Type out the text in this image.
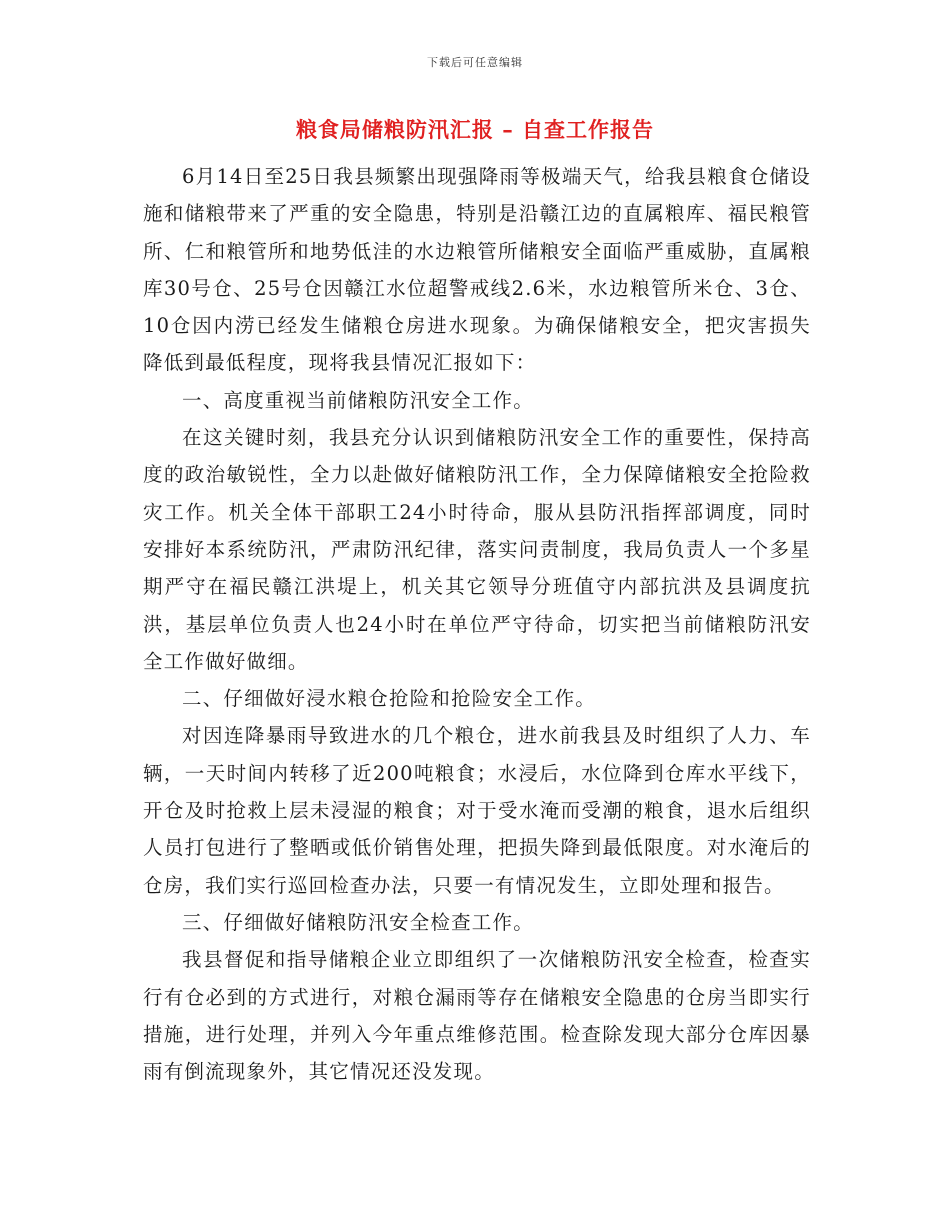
下载后可任意编辑
粮食局储粮防汛汇报 – 自查工作报告

6月14日至25日我县频繁出现强降雨等极端天气，给我县粮食仓储设施和储粮带来了严重的安全隐患，特别是沿赣江边的直属粮库、福民粮管所、仁和粮管所和地势低洼的水边粮管所储粮安全面临严重威胁，直属粮库30号仓、25号仓因赣江水位超警戒线2.6米，水边粮管所米仓、3仓、10仓因内涝已经发生储粮仓房进水现象。为确保储粮安全，把灾害损失降低到最低程度，现将我县情况汇报如下：

一、高度重视当前储粮防汛安全工作。

在这关键时刻，我县充分认识到储粮防汛安全工作的重要性，保持高度的政治敏锐性，全力以赴做好储粮防汛工作，全力保障储粮安全抢险救灾工作。机关全体干部职工24小时待命，服从县防汛指挥部调度，同时安排好本系统防汛，严肃防汛纪律，落实问责制度，我局负责人一个多星期严守在福民赣江洪堤上，机关其它领导分班值守内部抗洪及县调度抗洪，基层单位负责人也24小时在单位严守待命，切实把当前储粮防汛安全工作做好做细。

二、仔细做好浸水粮仓抢险和抢险安全工作。

对因连降暴雨导致进水的几个粮仓，进水前我县及时组织了人力、车辆，一天时间内转移了近200吨粮食；水浸后，水位降到仓库水平线下，开仓及时抢救上层未浸湿的粮食；对于受水淹而受潮的粮食，退水后组织人员打包进行了整晒或低价销售处理，把损失降到最低限度。对水淹后的仓房，我们实行巡回检查办法，只要一有情况发生，立即处理和报告。

三、仔细做好储粮防汛安全检查工作。

我县督促和指导储粮企业立即组织了一次储粮防汛安全检查，检查实行有仓必到的方式进行，对粮仓漏雨等存在储粮安全隐患的仓房当即实行措施，进行处理，并列入今年重点维修范围。检查除发现大部分仓库因暴雨有倒流现象外，其它情况还没发现。
